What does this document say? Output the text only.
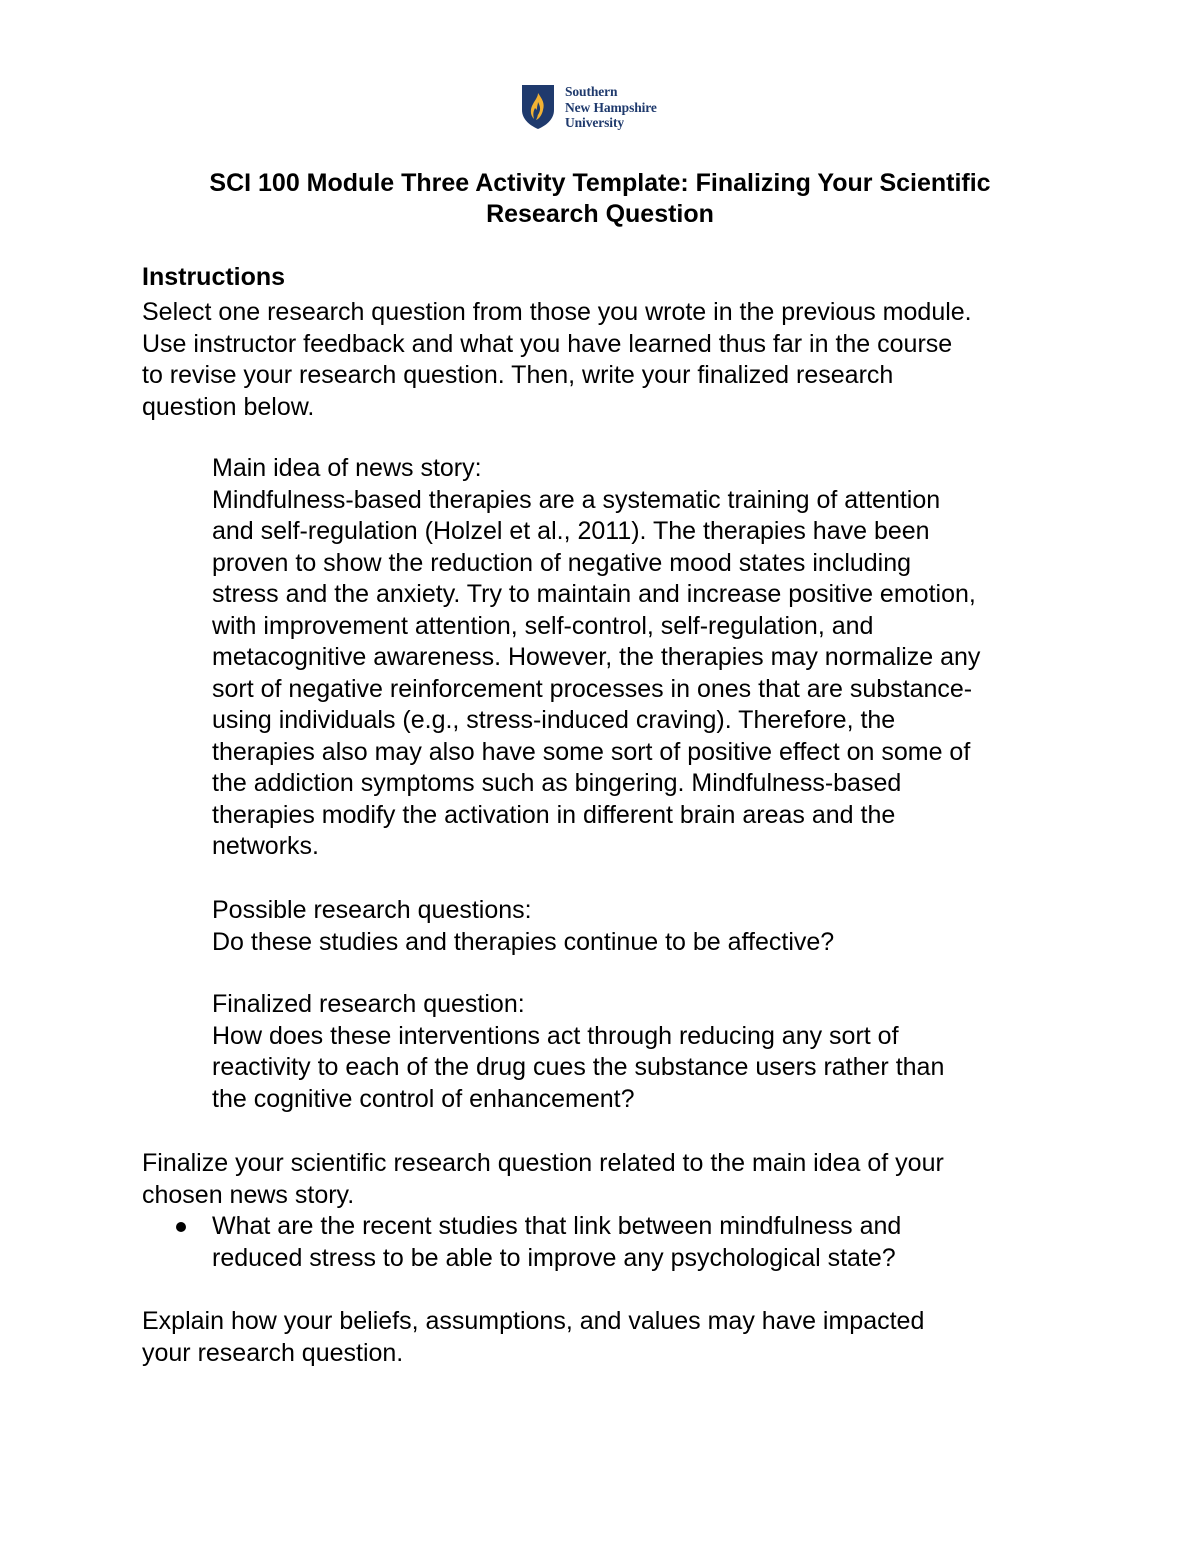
Southern
New Hampshire
University
SCI 100 Module Three Activity Template: Finalizing Your Scientific
Research Question
Instructions
Select one research question from those you wrote in the previous module.
Use instructor feedback and what you have learned thus far in the course
to revise your research question. Then, write your finalized research
question below.
Main idea of news story:
Mindfulness-based therapies are a systematic training of attention
and self-regulation (Holzel et al., 2011). The therapies have been
proven to show the reduction of negative mood states including
stress and the anxiety. Try to maintain and increase positive emotion,
with improvement attention, self-control, self-regulation, and
metacognitive awareness. However, the therapies may normalize any
sort of negative reinforcement processes in ones that are substance-
using individuals (e.g., stress-induced craving). Therefore, the
therapies also may also have some sort of positive effect on some of
the addiction symptoms such as bingering. Mindfulness-based
therapies modify the activation in different brain areas and the
networks.
Possible research questions:
Do these studies and therapies continue to be affective?
Finalized research question:
How does these interventions act through reducing any sort of
reactivity to each of the drug cues the substance users rather than
the cognitive control of enhancement?
Finalize your scientific research question related to the main idea of your
chosen news story.
What are the recent studies that link between mindfulness and
reduced stress to be able to improve any psychological state?
Explain how your beliefs, assumptions, and values may have impacted
your research question.
